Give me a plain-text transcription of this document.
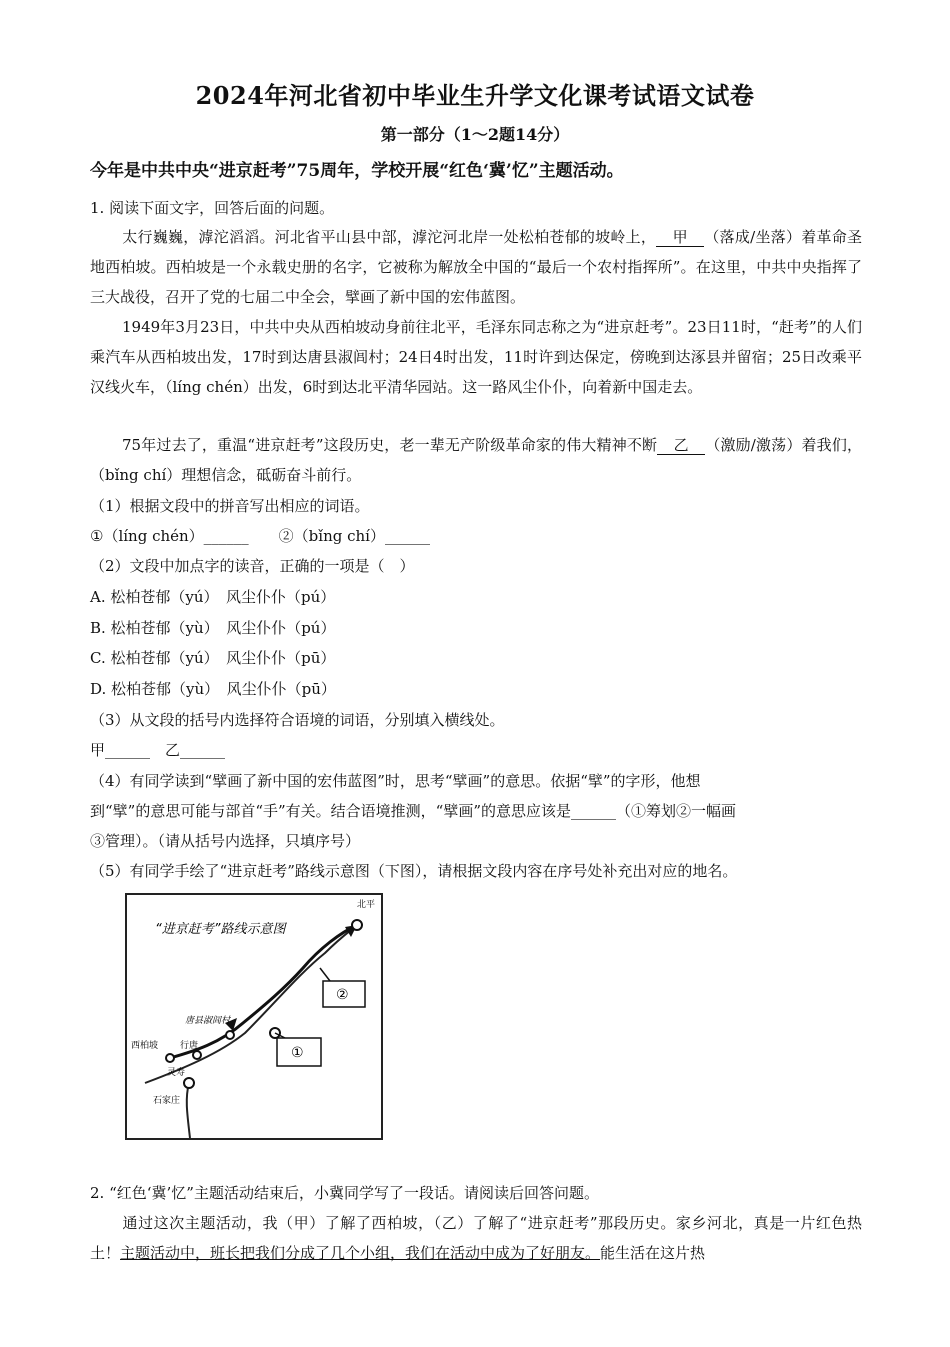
2024年河北省初中毕业生升学文化课考试语文试卷
第一部分（1～2题14分）
今年是中共中央“进京赶考”75周年，学校开展“红色‘冀’忆”主题活动。
1. 阅读下面文字，回答后面的问题。
太行巍巍，滹沱滔滔。河北省平山县中部，滹沱河北岸一处松柏苍郁的坡岭上， 甲 （落成/坐落）着革命圣地西柏坡。西柏坡是一个永载史册的名字，它被称为解放全中国的“最后一个农村指挥所”。在这里，中共中央指挥了三大战役，召开了党的七届二中全会，擘画了新中国的宏伟蓝图。
1949年3月23日，中共中央从西柏坡动身前往北平，毛泽东同志称之为“进京赶考”。23日11时，“赶考”的人们乘汽车从西柏坡出发，17时到达唐县淑闾村；24日4时出发，11时许到达保定，傍晚到达涿县并留宿；25日改乘平汉线火车，（líng chén）出发，6时到达北平清华园站。这一路风尘仆仆，向着新中国走去。
75年过去了，重温“进京赶考”这段历史，老一辈无产阶级革命家的伟大精神不断 乙 （激励/激荡）着我们，（bǐng chí）理想信念，砥砺奋斗前行。
（1）根据文段中的拼音写出相应的词语。
①（líng chén）______　　②（bǐng chí）______
（2）文段中加点字的读音，正确的一项是（　）
A. 松柏苍郁（yú）　风尘仆仆（pú）
B. 松柏苍郁（yù）　风尘仆仆（pú）
C. 松柏苍郁（yú）　风尘仆仆（pū）
D. 松柏苍郁（yù）　风尘仆仆（pū）
（3）从文段的括号内选择符合语境的词语，分别填入横线处。
甲______　乙______
（4）有同学读到“擘画了新中国的宏伟蓝图”时，思考“擘画”的意思。依据“擘”的字形，他想
到“擘”的意思可能与部首“手”有关。结合语境推测，“擘画”的意思应该是______（①筹划②一幅画
③管理）。（请从括号内选择，只填序号）
（5）有同学手绘了“进京赶考”路线示意图（下图），请根据文段内容在序号处补充出对应的地名。
“进京赶考”路线示意图
北平
西柏坡 行唐
灵寿
唐县淑闾村
石家庄
①
②
2. “红色‘冀’忆”主题活动结束后，小冀同学写了一段话。请阅读后回答问题。
通过这次主题活动，我（甲）了解了西柏坡，（乙）了解了“进京赶考”那段历史。家乡河北，真是一片红色热土！主题活动中，班长把我们分成了几个小组，我们在活动中成为了好朋友。能生活在这片热
